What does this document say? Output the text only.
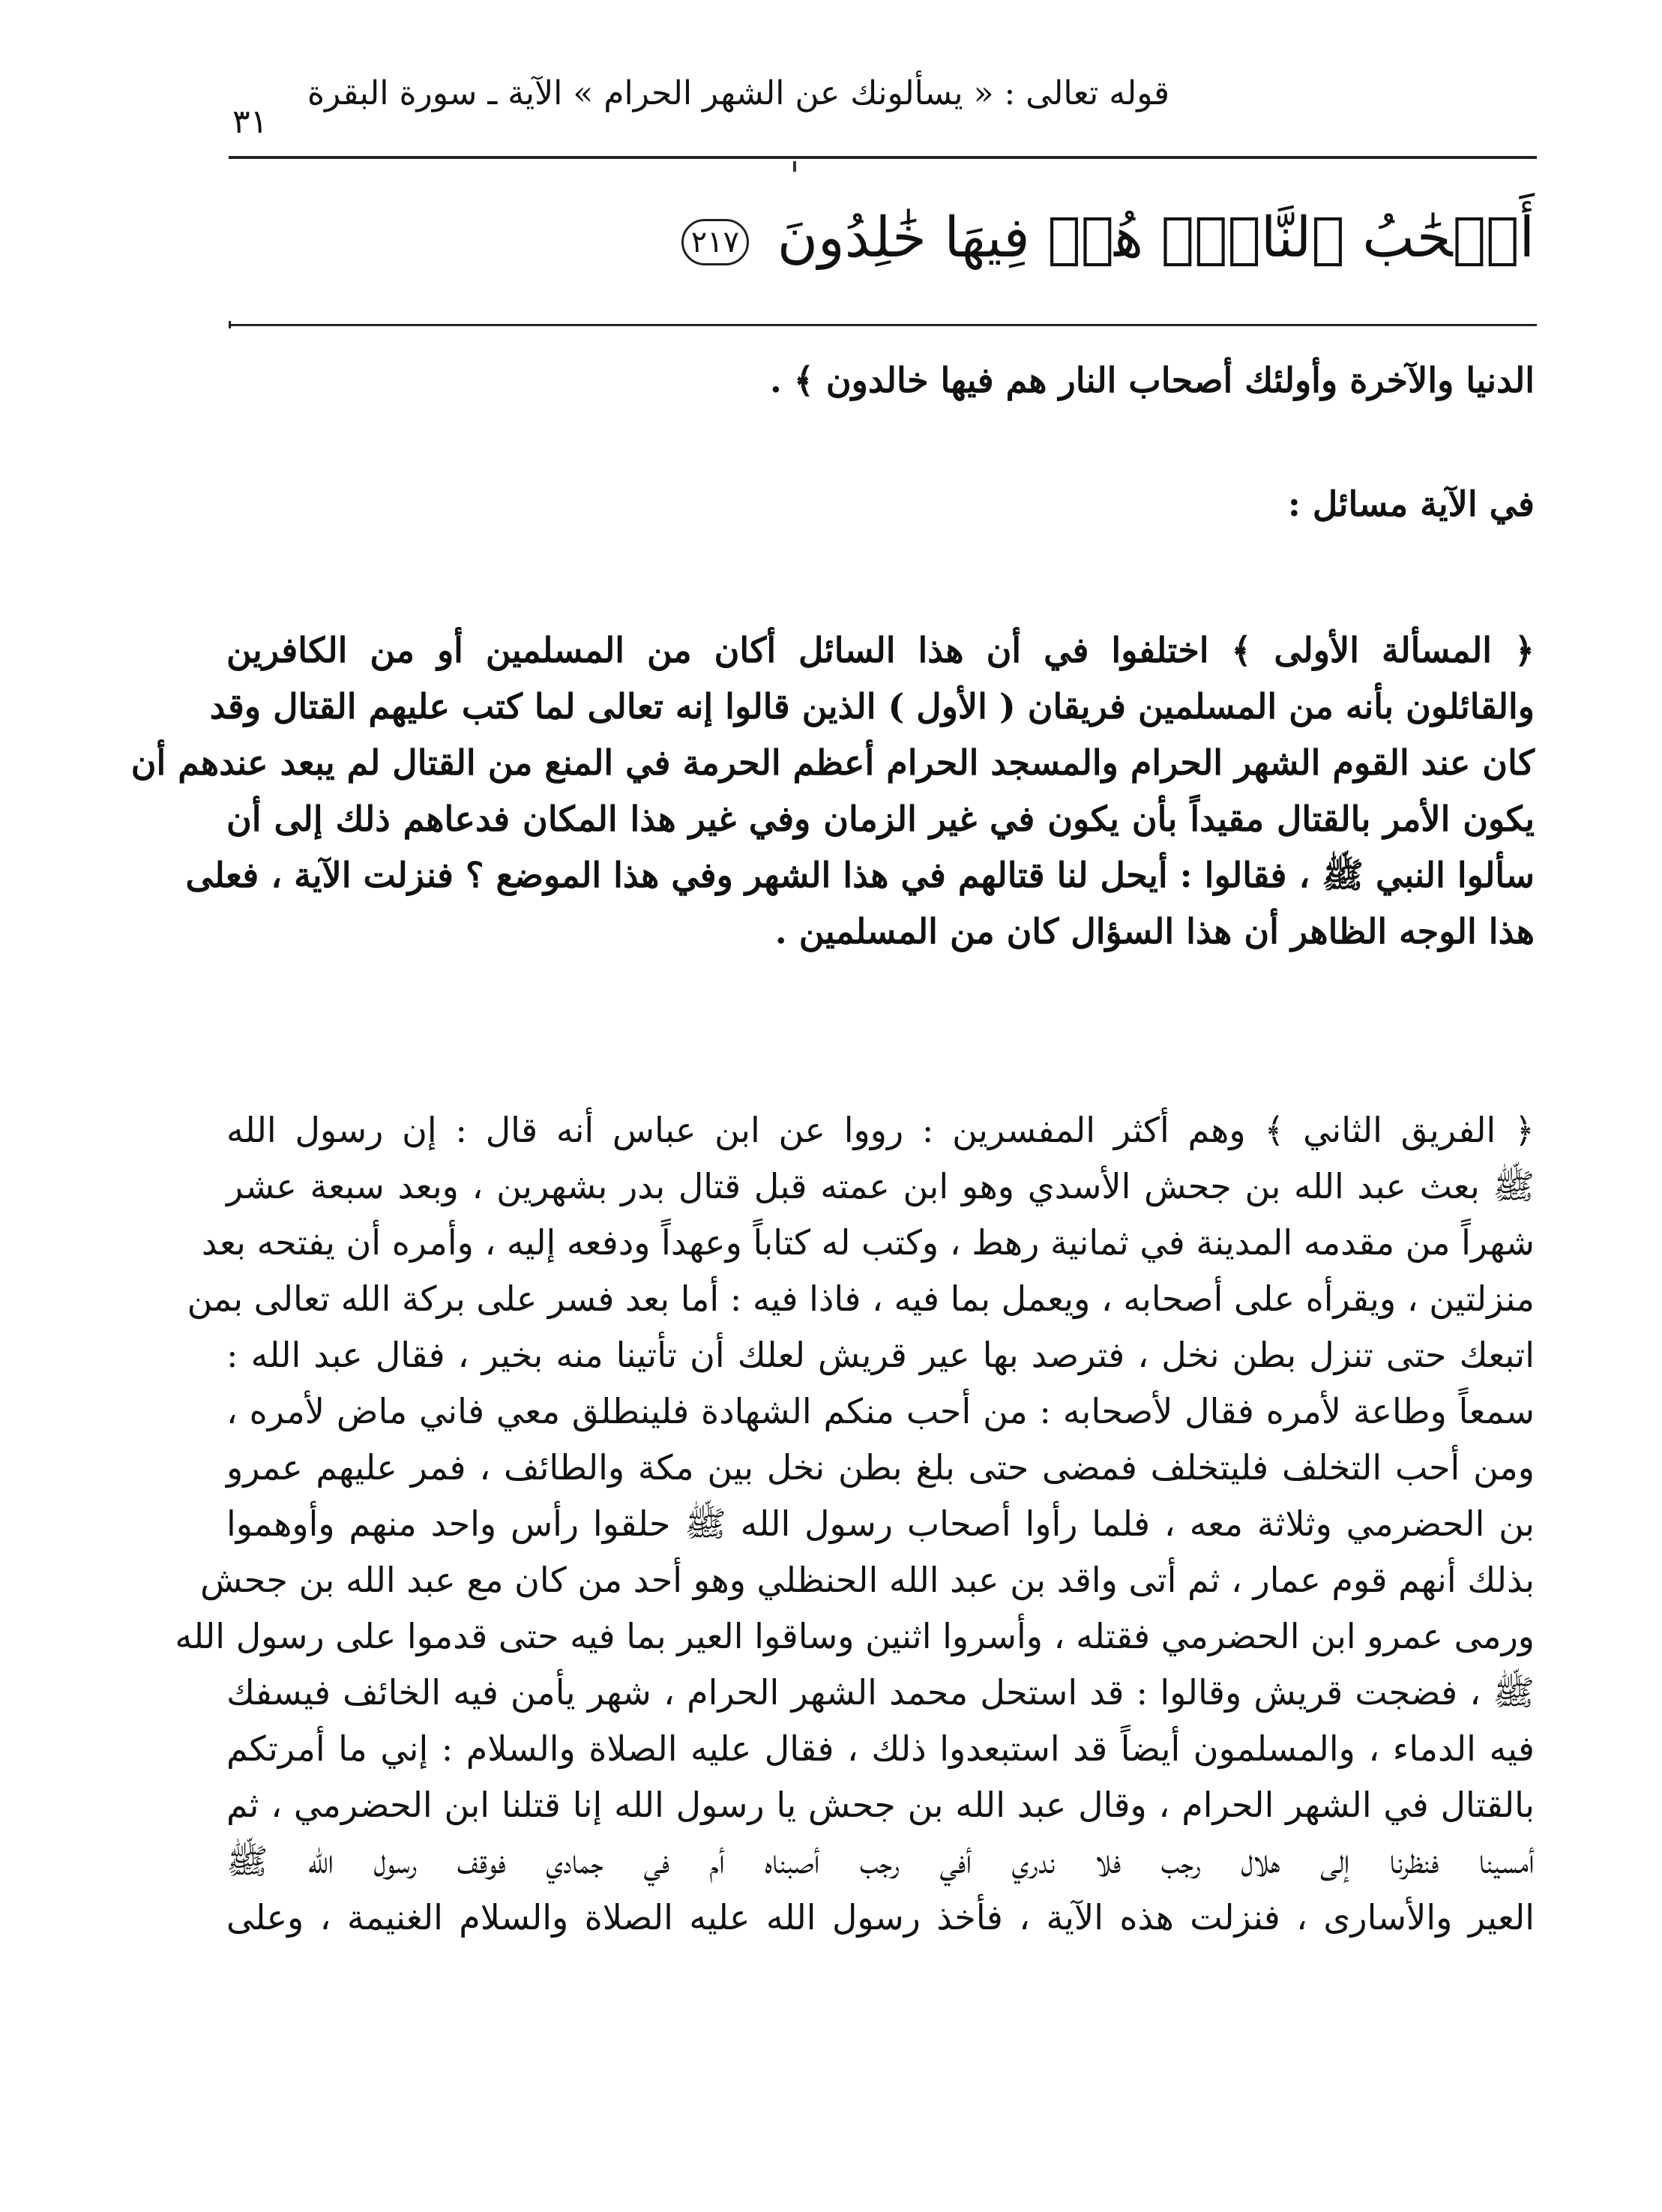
قوله تعالى : « يسألونك عن الشهر الحرام » الآية ـ سورة البقرة
٣١
أَصۡحَٰبُ ٱلنَّارِۖ هُمۡ فِيهَا خَٰلِدُونَ ٢١٧
الدنيا والآخرة وأولئك أصحاب النار هم فيها خالدون ﴾ .
في الآية مسائل :
﴿ المسألة الأولى ﴾ اختلفوا في أن هذا السائل أكان من المسلمين أو من الكافرين
والقائلون بأنه من المسلمين فريقان ( الأول ) الذين قالوا إنه تعالى لما كتب عليهم القتال وقد
كان عند القوم الشهر الحرام والمسجد الحرام أعظم الحرمة في المنع من القتال لم يبعد عندهم أن
يكون الأمر بالقتال مقيداً بأن يكون في غير الزمان وفي غير هذا المكان فدعاهم ذلك إلى أن
سألوا النبي ﷺ ، فقالوا : أيحل لنا قتالهم في هذا الشهر وفي هذا الموضع ؟ فنزلت الآية ، فعلى
هذا الوجه الظاهر أن هذا السؤال كان من المسلمين .
﴿ الفريق الثاني ﴾ وهم أكثر المفسرين : رووا عن ابن عباس أنه قال : إن رسول الله
ﷺ بعث عبد الله بن جحش الأسدي وهو ابن عمته قبل قتال بدر بشهرين ، وبعد سبعة عشر
شهراً من مقدمه المدينة في ثمانية رهط ، وكتب له كتاباً وعهداً ودفعه إليه ، وأمره أن يفتحه بعد
منزلتين ، ويقرأه على أصحابه ، ويعمل بما فيه ، فاذا فيه : أما بعد فسر على بركة الله تعالى بمن
اتبعك حتى تنزل بطن نخل ، فترصد بها عير قريش لعلك أن تأتينا منه بخير ، فقال عبد الله :
سمعاً وطاعة لأمره فقال لأصحابه : من أحب منكم الشهادة فلينطلق معي فاني ماض لأمره ،
ومن أحب التخلف فليتخلف فمضى حتى بلغ بطن نخل بين مكة والطائف ، فمر عليهم عمرو
بن الحضرمي وثلاثة معه ، فلما رأوا أصحاب رسول الله ﷺ حلقوا رأس واحد منهم وأوهموا
بذلك أنهم قوم عمار ، ثم أتى واقد بن عبد الله الحنظلي وهو أحد من كان مع عبد الله بن جحش
ورمى عمرو ابن الحضرمي فقتله ، وأسروا اثنين وساقوا العير بما فيه حتى قدموا على رسول الله
ﷺ ، فضجت قريش وقالوا : قد استحل محمد الشهر الحرام ، شهر يأمن فيه الخائف فيسفك
فيه الدماء ، والمسلمون أيضاً قد استبعدوا ذلك ، فقال عليه الصلاة والسلام : إني ما أمرتكم
بالقتال في الشهر الحرام ، وقال عبد الله بن جحش يا رسول الله إنا قتلنا ابن الحضرمي ، ثم
أمسينا فنظرنا إلى هلال رجب فلا ندري أفي رجب أصبناه أم في جمادي فوقف رسول الله ﷺ
العير والأسارى ، فنزلت هذه الآية ، فأخذ رسول الله عليه الصلاة والسلام الغنيمة ، وعلى
